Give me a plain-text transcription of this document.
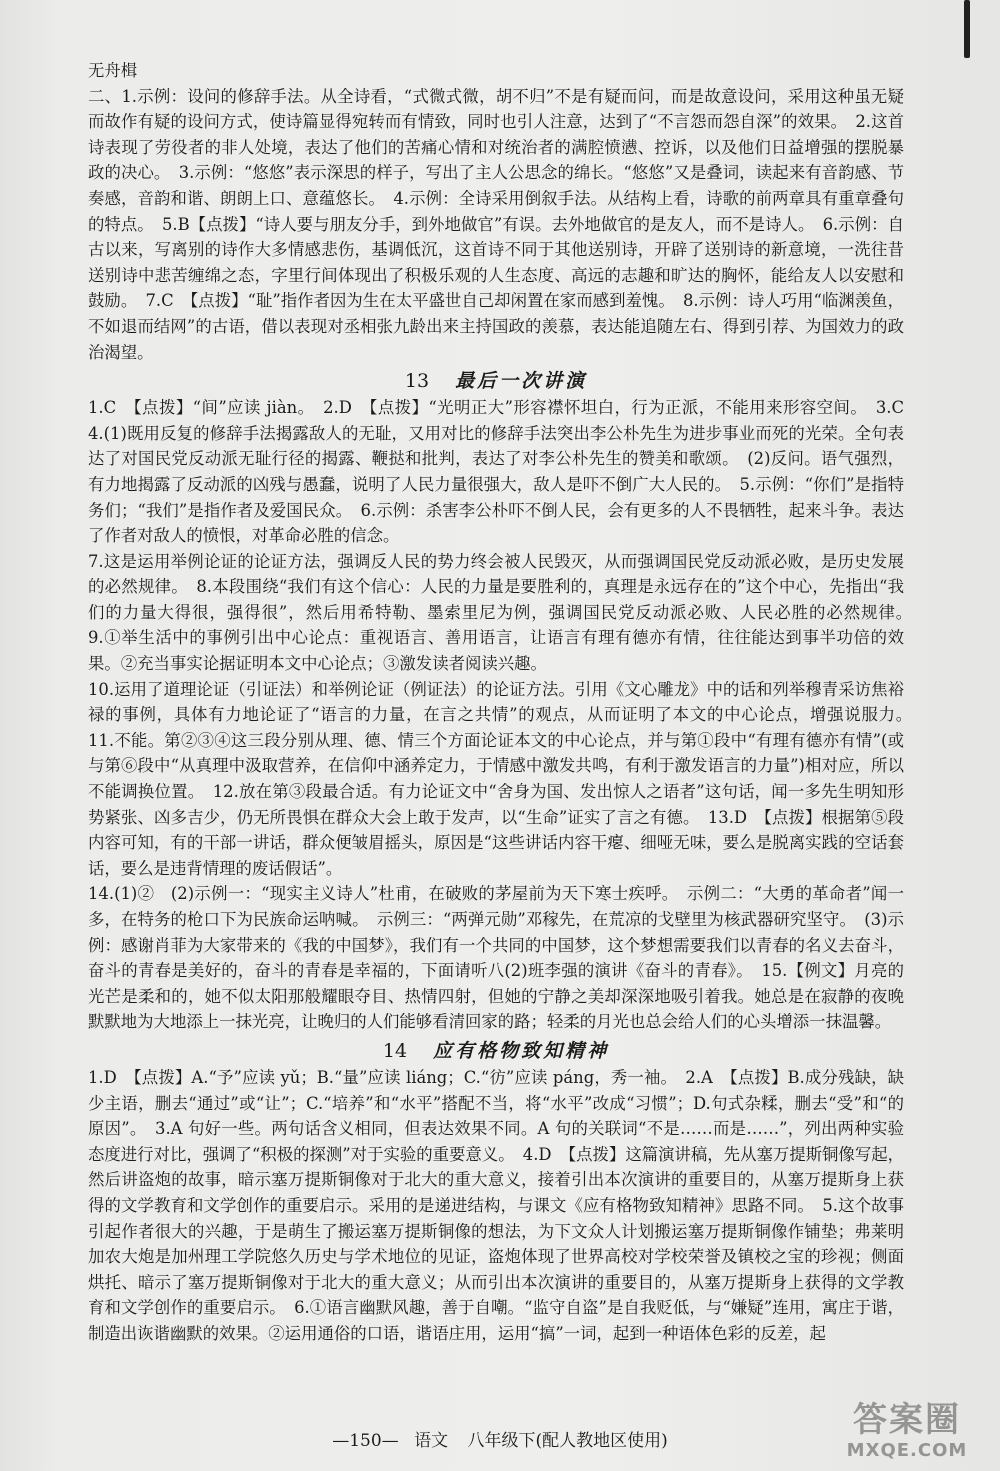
无舟楫

二、1.示例：设问的修辞手法。从全诗看，“式微式微，胡不归”不是有疑而问，而是故意设问，采用这种虽无疑而故作有疑的设问方式，使诗篇显得宛转而有情致，同时也引人注意，达到了“不言怨而怨自深”的效果。　2.这首诗表现了劳役者的非人处境，表达了他们的苦痛心情和对统治者的满腔愤懑、控诉，以及他们日益增强的摆脱暴政的决心。　3.示例：“悠悠”表示深思的样子，写出了主人公思念的绵长。“悠悠”又是叠词，读起来有音韵感、节奏感，音韵和谐、朗朗上口、意蕴悠长。　4.示例：全诗采用倒叙手法。从结构上看，诗歌的前两章具有重章叠句的特点。　5.B【点拨】“诗人要与朋友分手，到外地做官”有误。去外地做官的是友人，而不是诗人。　6.示例：自古以来，写离别的诗作大多情感悲伤，基调低沉，这首诗不同于其他送别诗，开辟了送别诗的新意境，一洗往昔送别诗中悲苦缠绵之态，字里行间体现出了积极乐观的人生态度、高远的志趣和旷达的胸怀，能给友人以安慰和鼓励。　7.C　【点拨】“耻”指作者因为生在太平盛世自己却闲置在家而感到羞愧。　8.示例：诗人巧用“临渊羡鱼，不如退而结网”的古语，借以表现对丞相张九龄出来主持国政的羡慕，表达能追随左右、得到引荐、为国效力的政治渴望。

13 最后一次讲演

1.C　【点拨】“间”应读 jiàn。　2.D　【点拨】“光明正大”形容襟怀坦白，行为正派，不能用来形容空间。　3.C　4.(1)既用反复的修辞手法揭露敌人的无耻，又用对比的修辞手法突出李公朴先生为进步事业而死的光荣。全句表达了对国民党反动派无耻行径的揭露、鞭挞和批判，表达了对李公朴先生的赞美和歌颂。　(2)反问。语气强烈，有力地揭露了反动派的凶残与愚蠢，说明了人民力量很强大，敌人是吓不倒广大人民的。　5.示例：“你们”是指特务们；“我们”是指作者及爱国民众。　6.示例：杀害李公朴吓不倒人民，会有更多的人不畏牺牲，起来斗争。表达了作者对敌人的愤恨，对革命必胜的信念。

7.这是运用举例论证的论证方法，强调反人民的势力终会被人民毁灭，从而强调国民党反动派必败，是历史发展的必然规律。　8.本段围绕“我们有这个信心：人民的力量是要胜利的，真理是永远存在的”这个中心，先指出“我们的力量大得很，强得很”，然后用希特勒、墨索里尼为例，强调国民党反动派必败、人民必胜的必然规律。　9.①举生活中的事例引出中心论点：重视语言、善用语言，让语言有理有德亦有情，往往能达到事半功倍的效果。②充当事实论据证明本文中心论点；③激发读者阅读兴趣。

10.运用了道理论证（引证法）和举例论证（例证法）的论证方法。引用《文心雕龙》中的话和列举穆青采访焦裕禄的事例，具体有力地论证了“语言的力量，在言之共情”的观点，从而证明了本文的中心论点，增强说服力。　11.不能。第②③④这三段分别从理、德、情三个方面论证本文的中心论点，并与第①段中“有理有德亦有情”(或与第⑥段中“从真理中汲取营养，在信仰中涵养定力，于情感中激发共鸣，有利于激发语言的力量”)相对应，所以不能调换位置。　12.放在第③段最合适。有力论证文中“舍身为国、发出惊人之语者”这句话，闻一多先生明知形势紧张、凶多吉少，仍无所畏惧在群众大会上敢于发声，以“生命”证实了言之有德。　13.D　【点拨】根据第⑤段内容可知，有的干部一讲话，群众便皱眉摇头，原因是“这些讲话内容干瘪、细哑无味，要么是脱离实践的空话套话，要么是违背情理的废话假话”。

14.(1)②　(2)示例一：“现实主义诗人”杜甫，在破败的茅屋前为天下寒士疾呼。　示例二：“大勇的革命者”闻一多，在特务的枪口下为民族命运呐喊。　示例三：“两弹元勋”邓稼先，在荒凉的戈壁里为核武器研究坚守。　(3)示例：感谢肖菲为大家带来的《我的中国梦》，我们有一个共同的中国梦，这个梦想需要我们以青春的名义去奋斗，奋斗的青春是美好的，奋斗的青春是幸福的，下面请听八(2)班李强的演讲《奋斗的青春》。　15.【例文】月亮的光芒是柔和的，她不似太阳那般耀眼夺目、热情四射，但她的宁静之美却深深地吸引着我。她总是在寂静的夜晚默默地为大地添上一抹光亮，让晚归的人们能够看清回家的路；轻柔的月光也总会给人们的心头增添一抹温馨。

14 应有格物致知精神

1.D　【点拨】A.“予”应读 yǔ；B.“量”应读 liáng；C.“彷”应读 páng，秀一袖。　2.A　【点拨】B.成分残缺，缺少主语，删去“通过”或“让”；C.“培养”和“水平”搭配不当，将“水平”改成“习惯”；D.句式杂糅，删去“受”和“的原因”。　3.A 句好一些。两句话含义相同，但表达效果不同。A 句的关联词“不是……而是……”，列出两种实验态度进行对比，强调了“积极的探测”对于实验的重要意义。　4.D　【点拨】这篇演讲稿，先从塞万提斯铜像写起，然后讲盗炮的故事，暗示塞万提斯铜像对于北大的重大意义，接着引出本次演讲的重要目的，从塞万提斯身上获得的文学教育和文学创作的重要启示。采用的是递进结构，与课文《应有格物致知精神》思路不同。　5.这个故事引起作者很大的兴趣，于是萌生了搬运塞万提斯铜像的想法，为下文众人计划搬运塞万提斯铜像作铺垫；弗莱明加农大炮是加州理工学院悠久历史与学术地位的见证，盗炮体现了世界高校对学校荣誉及镇校之宝的珍视；侧面烘托、暗示了塞万提斯铜像对于北大的重大意义；从而引出本次演讲的重要目的，从塞万提斯身上获得的文学教育和文学创作的重要启示。　6.①语言幽默风趣，善于自嘲。“监守自盗”是自我贬低，与“嫌疑”连用，寓庄于谐，制造出诙谐幽默的效果。②运用通俗的口语，谐语庄用，运用“搞”一词，起到一种语体色彩的反差，起

—150— 语文 八年级下(配人教地区使用)
答案圈
MXQE.COM
